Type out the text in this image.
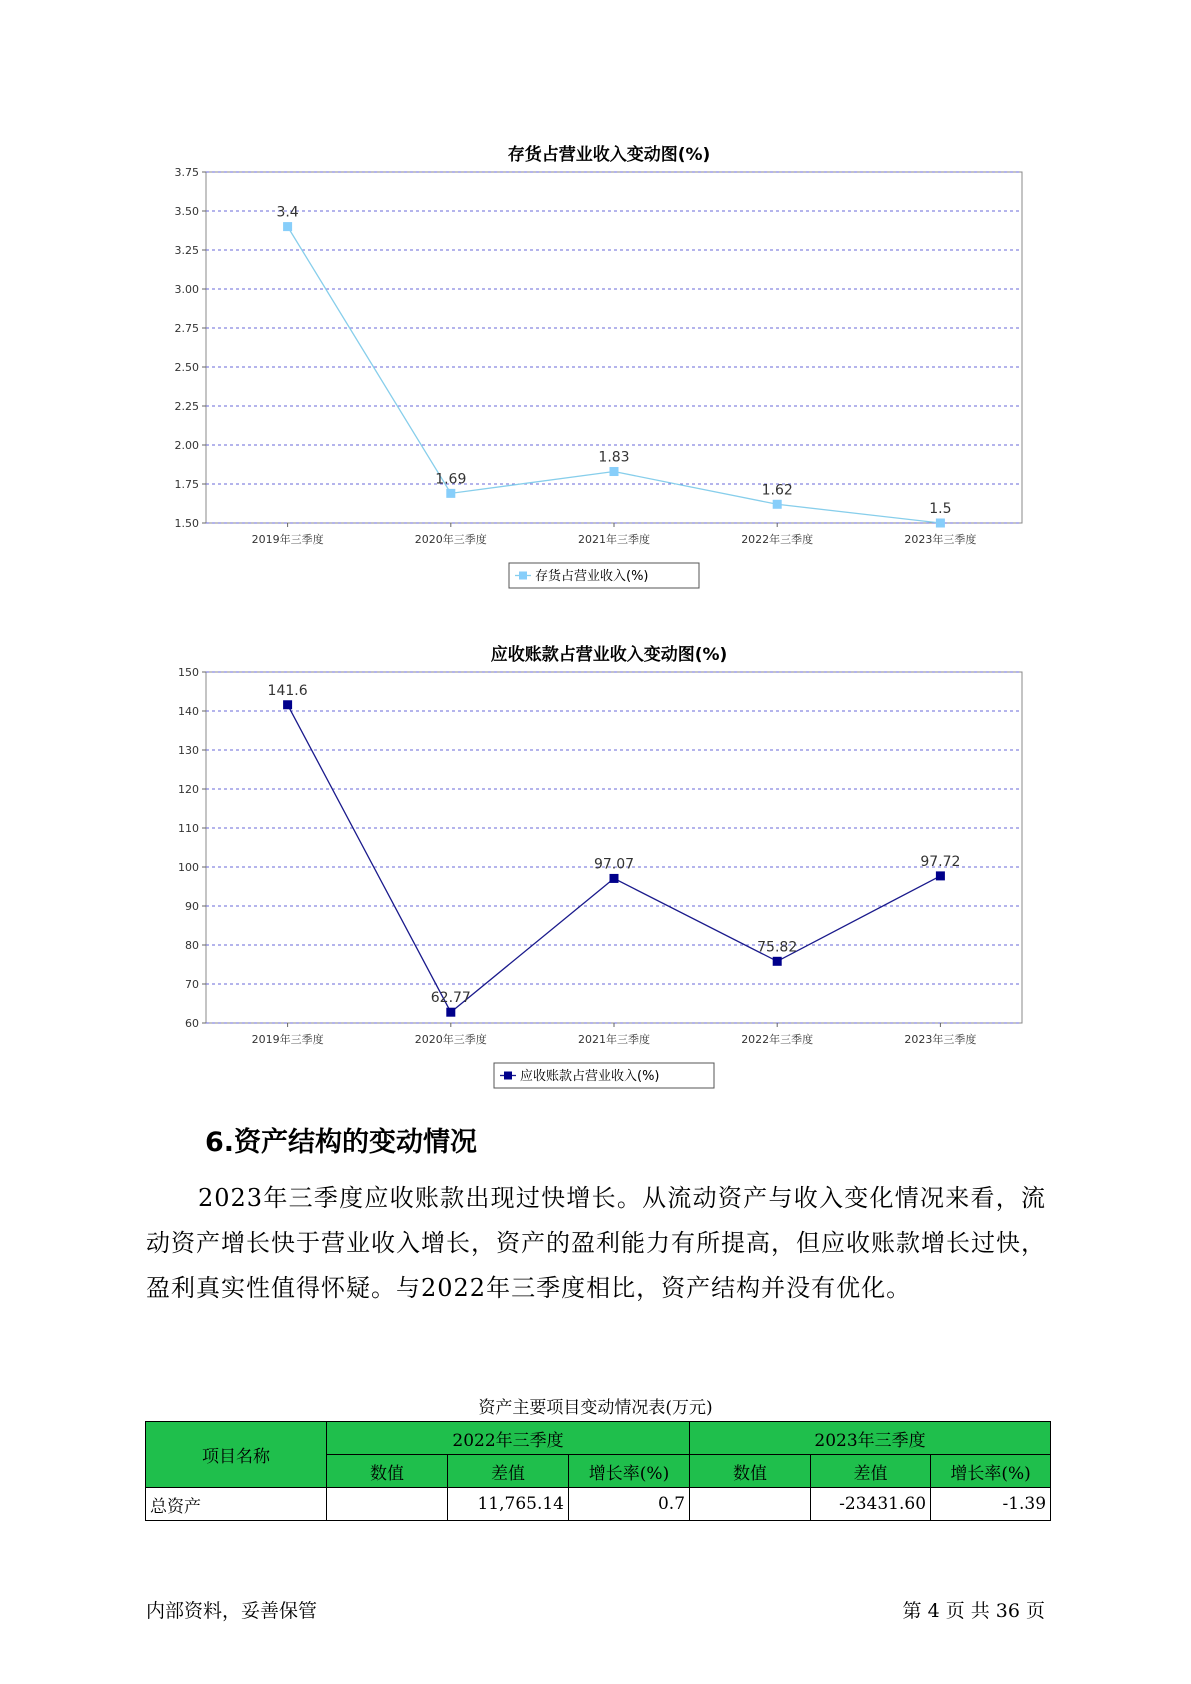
存货占营业收入变动图(%)
1.50
1.75
2.00
2.25
2.50
2.75
3.00
3.25
3.50
3.75
2019年三季度	2020年三季度	2021年三季度	2022年三季度	2023年三季度
3.4
1.69
1.83
1.62
1.5
存货占营业收入(%)
应收账款占营业收入变动图(%)
60
70
80
90
100
110
120
130
140
150
2019年三季度	2020年三季度	2021年三季度	2022年三季度	2023年三季度
141.6
62.77
97.07
75.82
97.72
应收账款占营业收入(%)
6.资产结构的变动情况

2023年三季度应收账款出现过快增长。从流动资产与收入变化情况来看，流动资产增长快于营业收入增长，资产的盈利能力有所提高，但应收账款增长过快，盈利真实性值得怀疑。与2022年三季度相比，资产结构并没有优化。

资产主要项目变动情况表(万元)
项目名称	2022年三季度			2023年三季度		
	数值	差值	增长率(%)	数值	差值	增长率(%)
总资产		11,765.14	0.7		-23431.60	-1.39
内部资料，妥善保管	第 4 页 共 36 页
